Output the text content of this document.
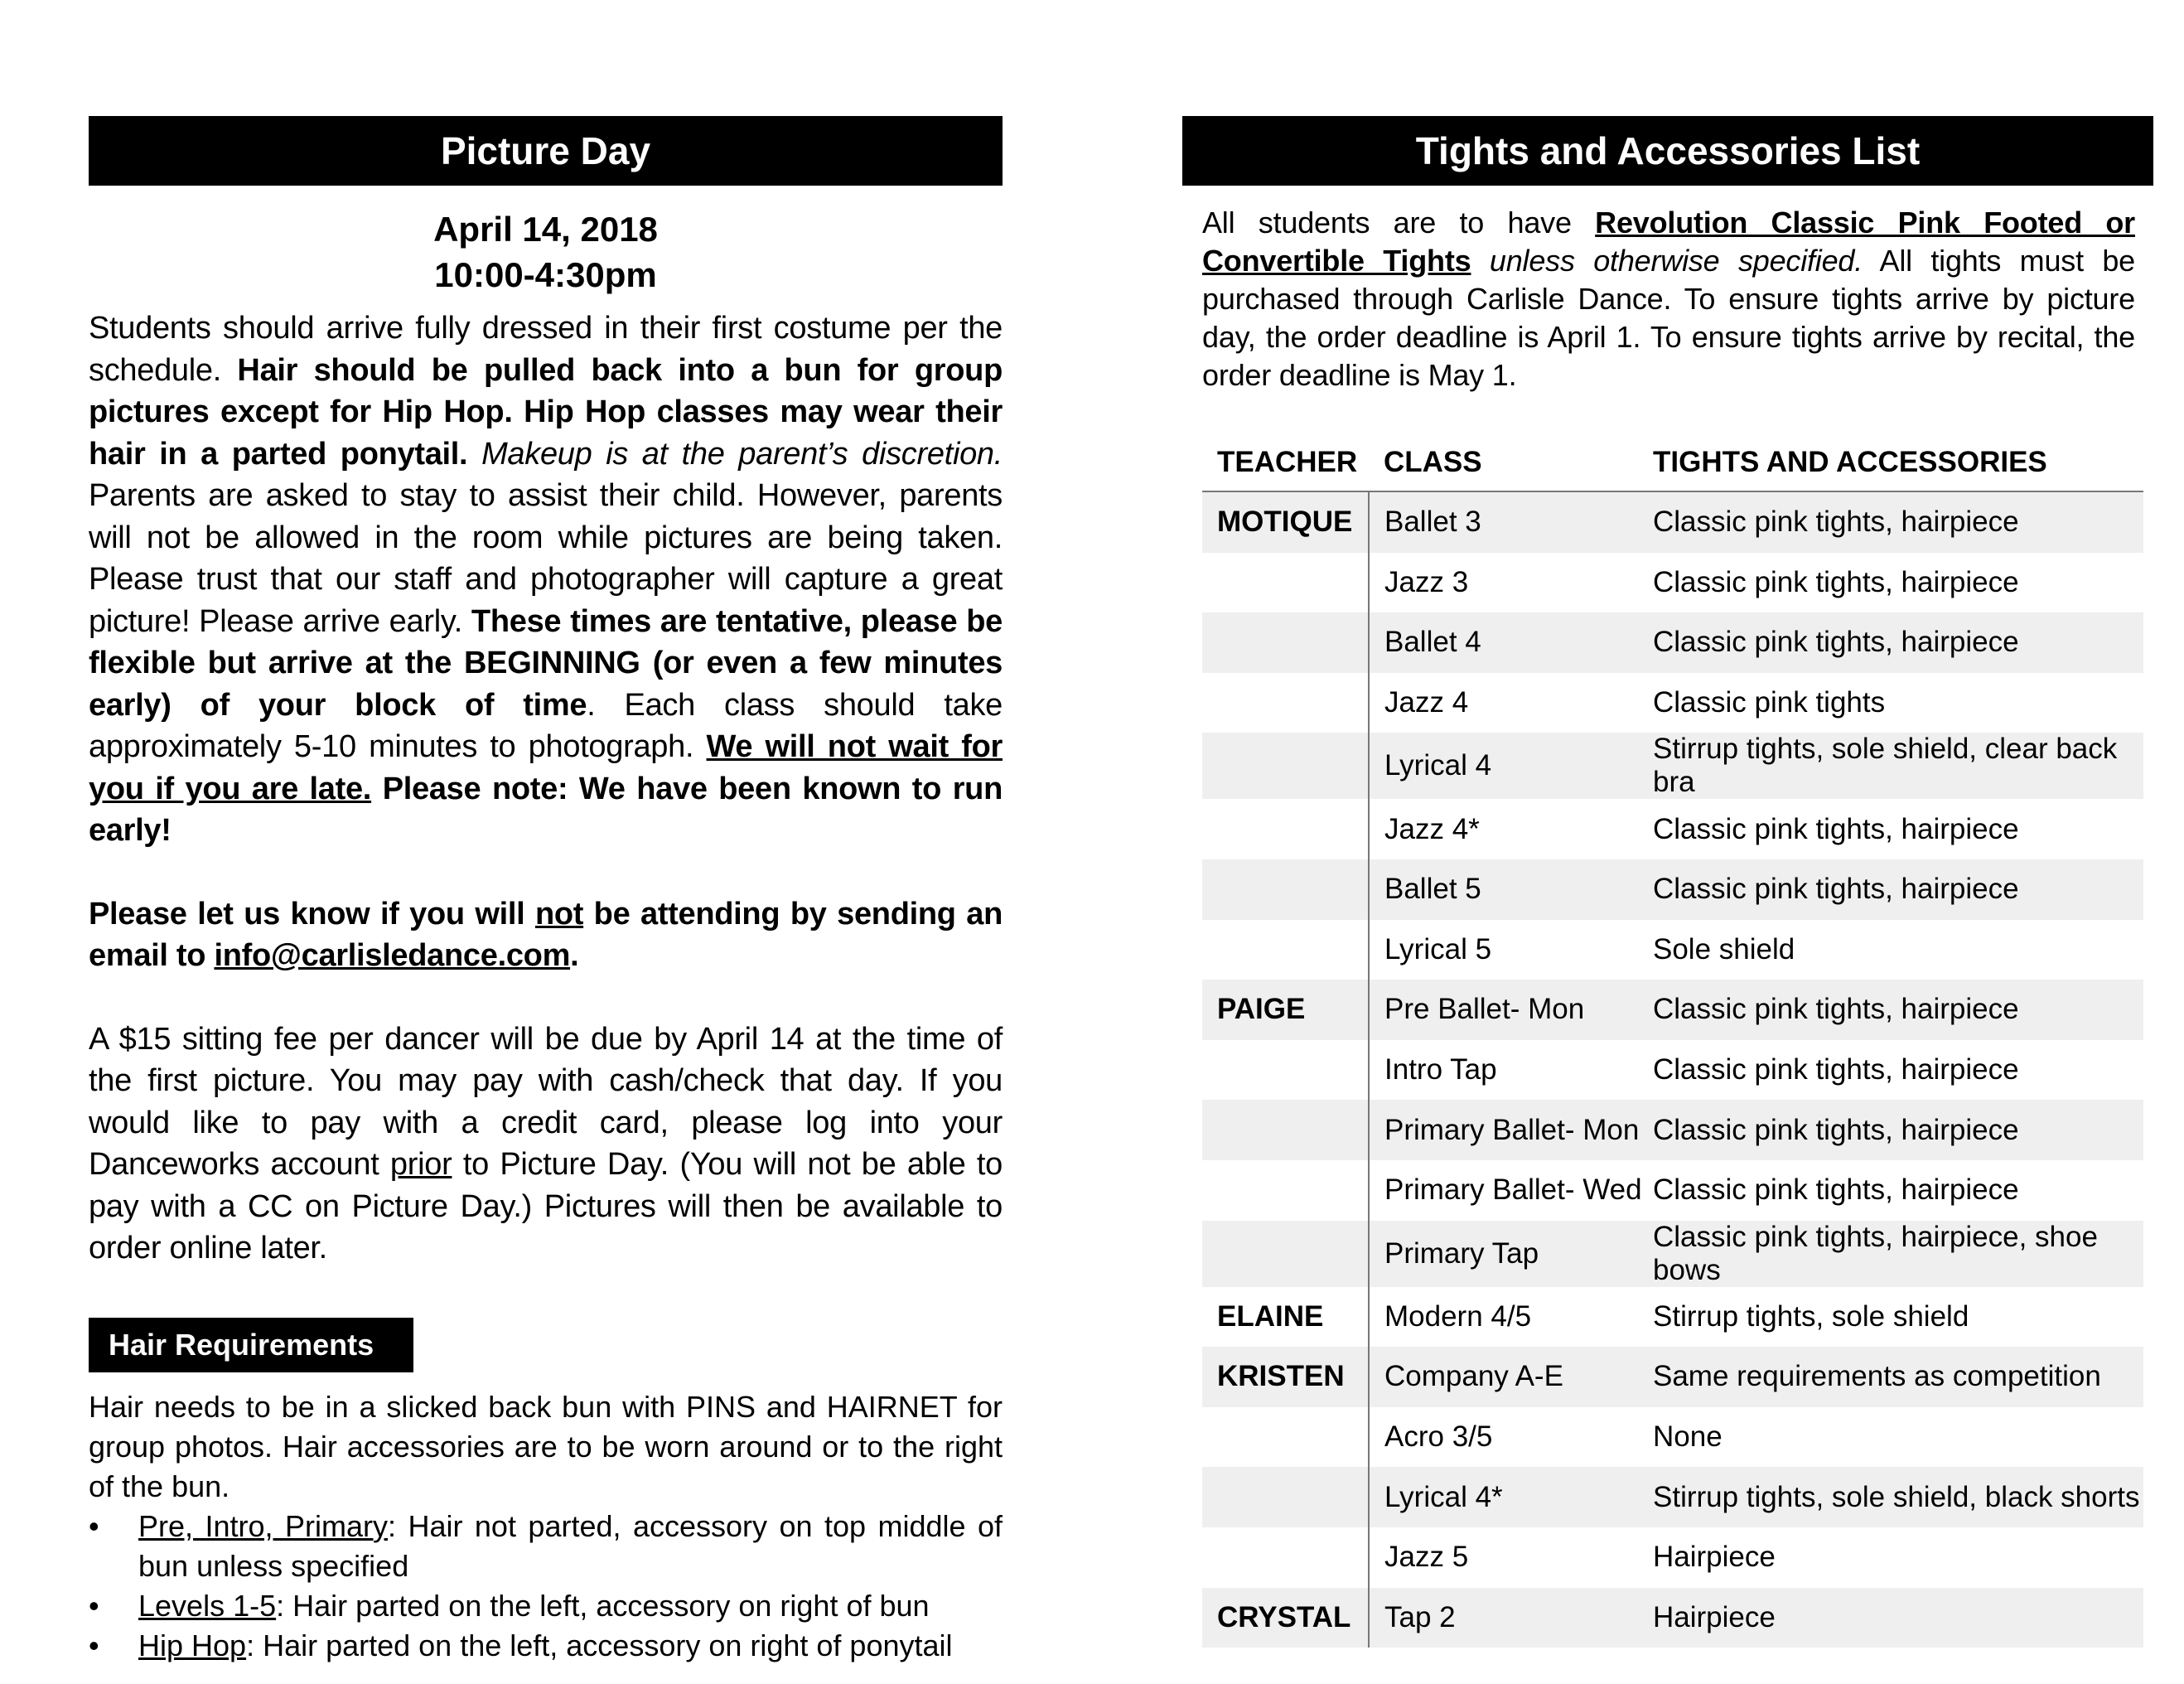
Picture Day
April 14, 2018
10:00-4:30pm

Students should arrive fully dressed in their first costume per the schedule. Hair should be pulled back into a bun for group pictures except for Hip Hop. Hip Hop classes may wear their hair in a parted ponytail. Makeup is at the parent’s discretion. Parents are asked to stay to assist their child. However, parents will not be allowed in the room while pictures are being taken. Please trust that our staff and photographer will capture a great picture! Please arrive early. These times are tentative, please be flexible but arrive at the BEGINNING (or even a few minutes early) of your block of time. Each class should take approximately 5-10 minutes to photograph. We will not wait for you if you are late. Please note: We have been known to run early!

Please let us know if you will not be attending by sending an email to info@carlisledance.com.

A $15 sitting fee per dancer will be due by April 14 at the time of the first picture. You may pay with cash/check that day. If you would like to pay with a credit card, please log into your Danceworks account prior to Picture Day. (You will not be able to pay with a CC on Picture Day.) Pictures will then be available to order online later.

Hair Requirements

Hair needs to be in a slicked back bun with PINS and HAIRNET for group photos. Hair accessories are to be worn around or to the right of the bun.

• Pre, Intro, Primary: Hair not parted, accessory on top middle of bun unless specified
• Levels 1-5: Hair parted on the left, accessory on right of bun
• Hip Hop: Hair parted on the left, accessory on right of ponytail
Tights and Accessories List

All students are to have Revolution Classic Pink Footed or Convertible Tights unless otherwise specified. All tights must be purchased through Carlisle Dance. To ensure tights arrive by picture day, the order deadline is April 1. To ensure tights arrive by recital, the order deadline is May 1.

TEACHER	CLASS	TIGHTS AND ACCESSORIES
MOTIQUE	Ballet 3	Classic pink tights, hairpiece
	Jazz 3	Classic pink tights, hairpiece
	Ballet 4	Classic pink tights, hairpiece
	Jazz 4	Classic pink tights
	Lyrical 4	Stirrup tights, sole shield, clear back bra
	Jazz 4*	Classic pink tights, hairpiece
	Ballet 5	Classic pink tights, hairpiece
	Lyrical 5	Sole shield
PAIGE	Pre Ballet- Mon	Classic pink tights, hairpiece
	Intro Tap	Classic pink tights, hairpiece
	Primary Ballet- Mon	Classic pink tights, hairpiece
	Primary Ballet- Wed	Classic pink tights, hairpiece
	Primary Tap	Classic pink tights, hairpiece, shoe bows
ELAINE	Modern 4/5	Stirrup tights, sole shield
KRISTEN	Company A-E	Same requirements as competition
	Acro 3/5	None
	Lyrical 4*	Stirrup tights, sole shield, black shorts
	Jazz 5	Hairpiece
CRYSTAL	Tap 2	Hairpiece
